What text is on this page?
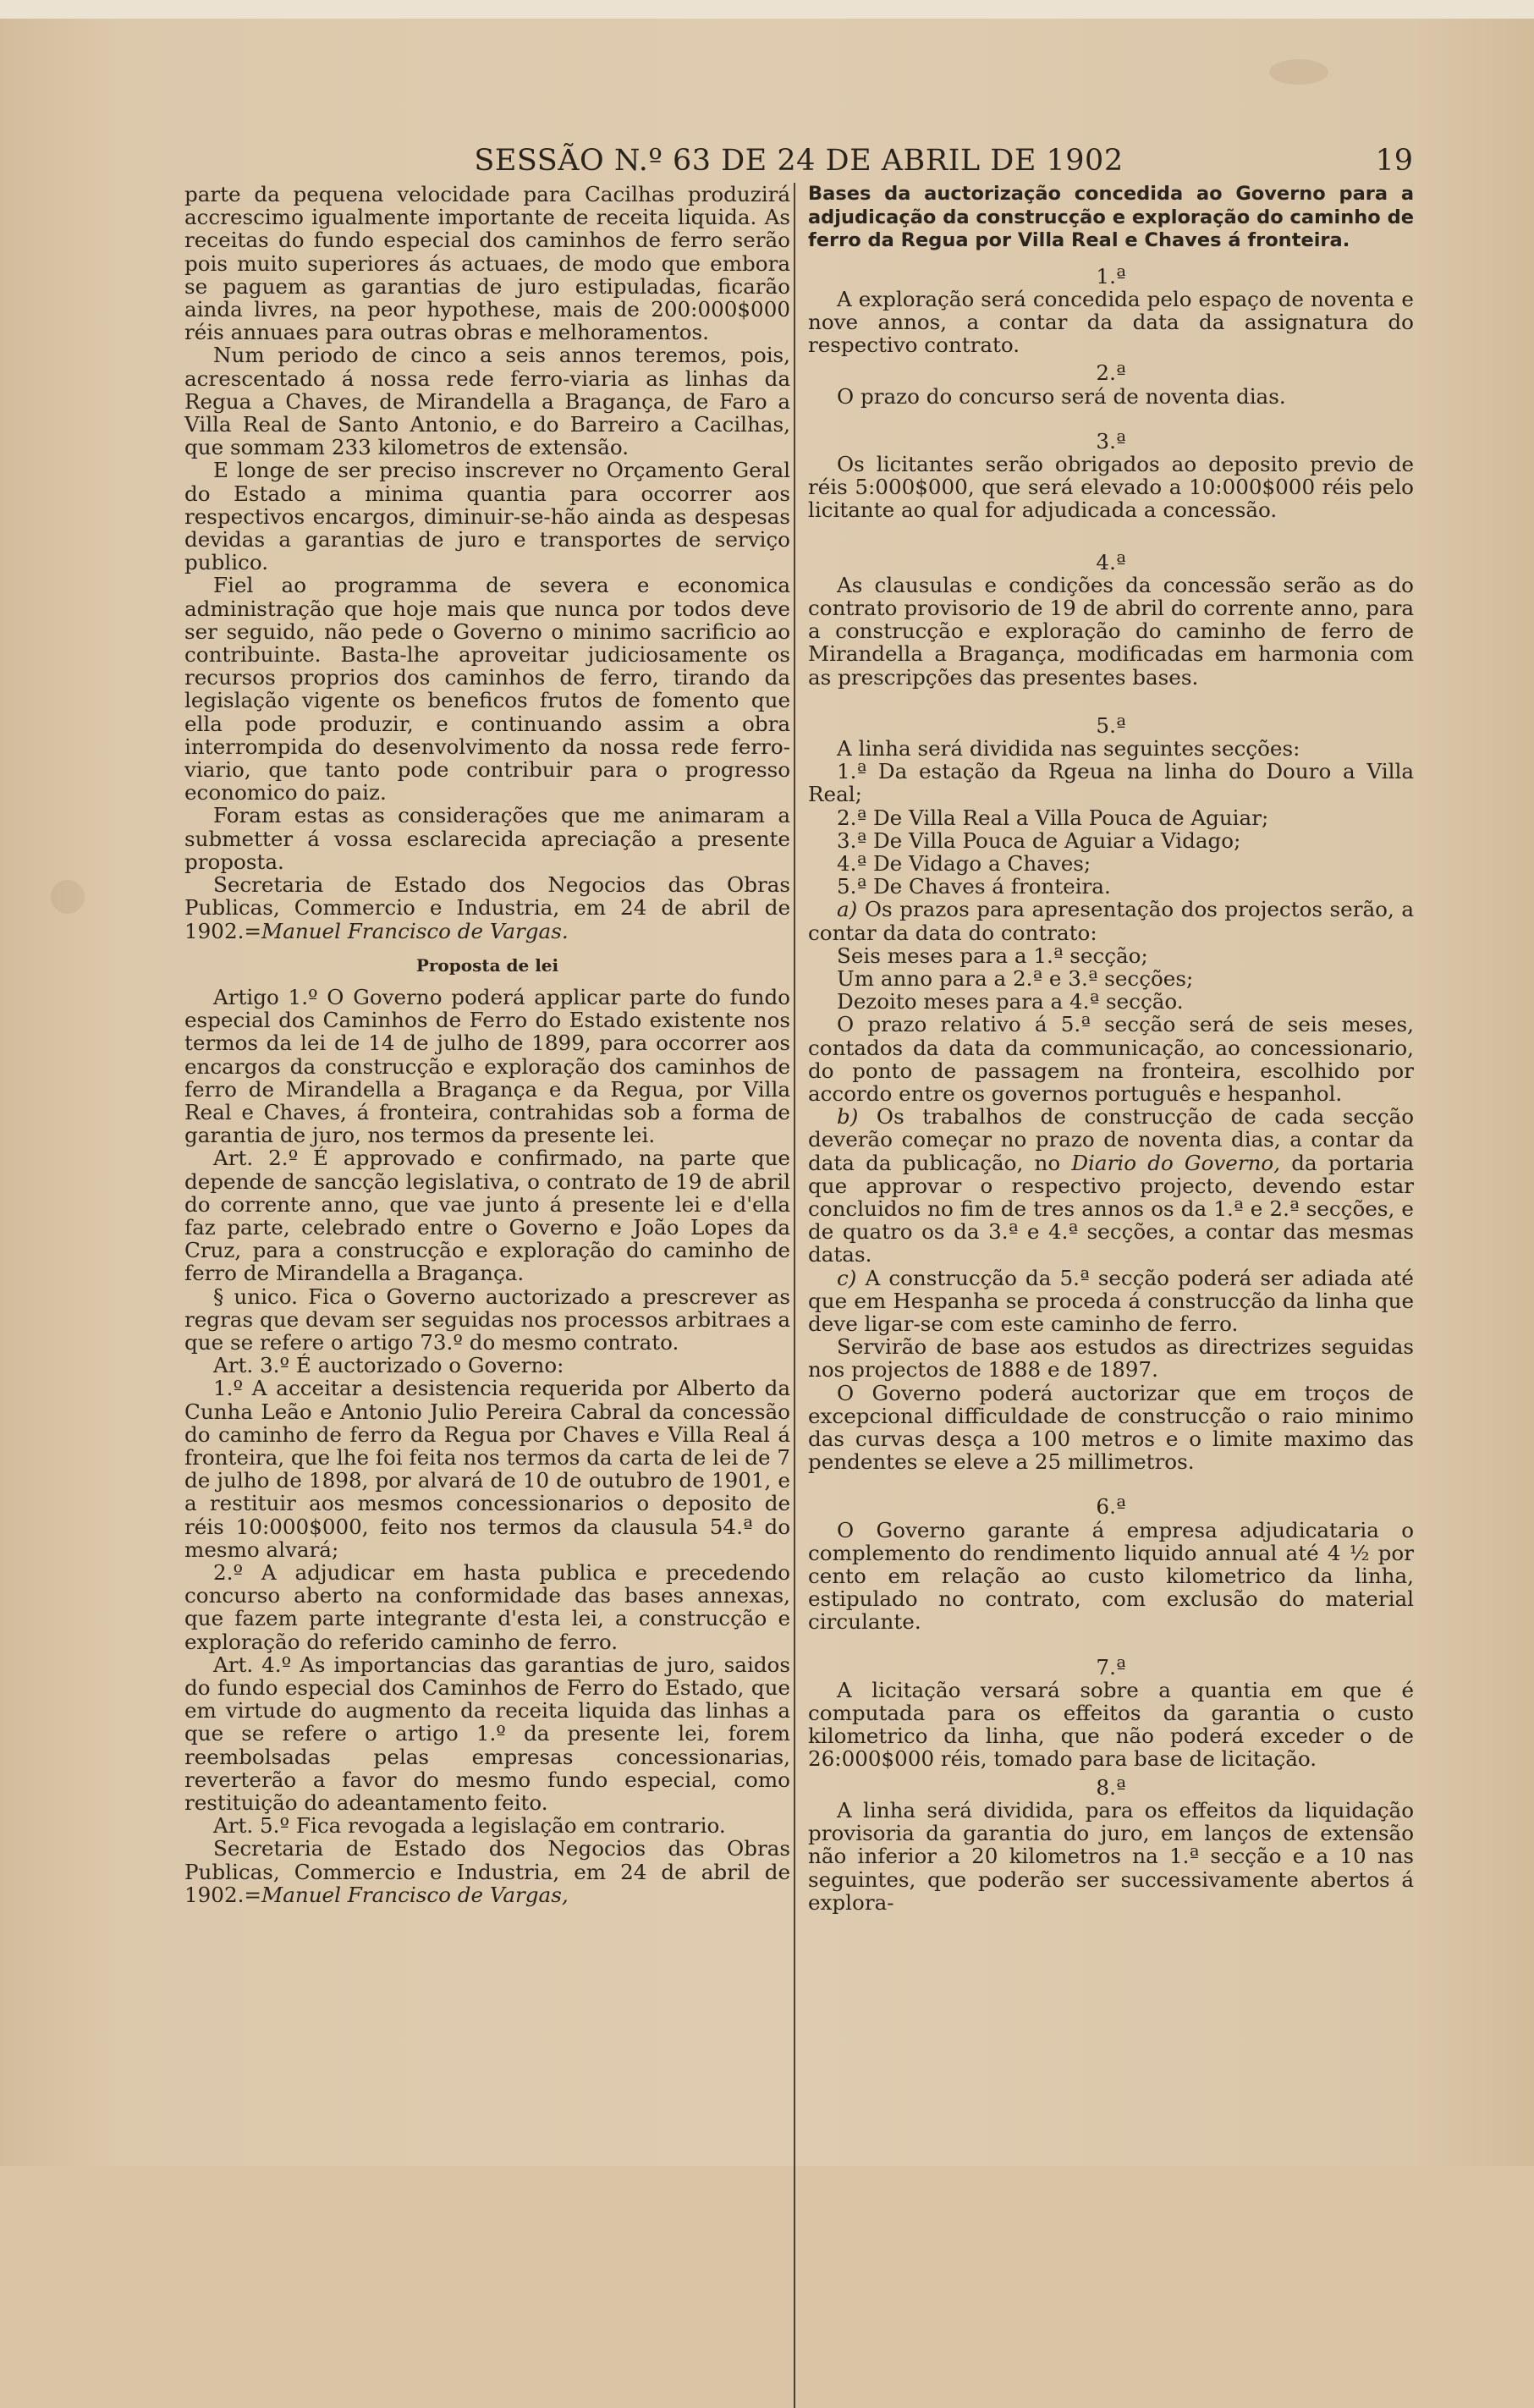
SESSÃO N.º 63 DE 24 DE ABRIL DE 1902	19

parte da pequena velocidade para Cacilhas produzirá accrescimo igualmente importante de receita liquida. As receitas do fundo especial dos caminhos de ferro serão pois muito superiores ás actuaes, de modo que embora se paguem as garantias de juro estipuladas, ficarão ainda livres, na peor hypothese, mais de 200:000$000 réis annuaes para outras obras e melhoramentos.

Num periodo de cinco a seis annos teremos, pois, acrescentado á nossa rede ferro-viaria as linhas da Regua a Chaves, de Mirandella a Bragança, de Faro a Villa Real de Santo Antonio, e do Barreiro a Cacilhas, que sommam 233 kilometros de extensão.

E longe de ser preciso inscrever no Orçamento Geral do Estado a minima quantia para occorrer aos respectivos encargos, diminuir-se-hão ainda as despesas devidas a garantias de juro e transportes de serviço publico.

Fiel ao programma de severa e economica administração que hoje mais que nunca por todos deve ser seguido, não pede o Governo o minimo sacrificio ao contribuinte. Basta-lhe aproveitar judiciosamente os recursos proprios dos caminhos de ferro, tirando da legislação vigente os beneficos frutos de fomento que ella pode produzir, e continuando assim a obra interrompida do desenvolvimento da nossa rede ferro-viario, que tanto pode contribuir para o progresso economico do paiz.

Foram estas as considerações que me animaram a submetter á vossa esclarecida apreciação a presente proposta.

Secretaria de Estado dos Negocios das Obras Publicas, Commercio e Industria, em 24 de abril de 1902.=Manuel Francisco de Vargas.

Proposta de lei

Artigo 1.º O Governo poderá applicar parte do fundo especial dos Caminhos de Ferro do Estado existente nos termos da lei de 14 de julho de 1899, para occorrer aos encargos da construcção e exploração dos caminhos de ferro de Mirandella a Bragança e da Regua, por Villa Real e Chaves, á fronteira, contrahidas sob a forma de garantia de juro, nos termos da presente lei.

Art. 2.º É approvado e confirmado, na parte que depende de sancção legislativa, o contrato de 19 de abril do corrente anno, que vae junto á presente lei e d'ella faz parte, celebrado entre o Governo e João Lopes da Cruz, para a construcção e exploração do caminho de ferro de Mirandella a Bragança.

§ unico. Fica o Governo auctorizado a prescrever as regras que devam ser seguidas nos processos arbitraes a que se refere o artigo 73.º do mesmo contrato.

Art. 3.º É auctorizado o Governo:

1.º A acceitar a desistencia requerida por Alberto da Cunha Leão e Antonio Julio Pereira Cabral da concessão do caminho de ferro da Regua por Chaves e Villa Real á fronteira, que lhe foi feita nos termos da carta de lei de 7 de julho de 1898, por alvará de 10 de outubro de 1901, e a restituir aos mesmos concessionarios o deposito de réis 10:000$000, feito nos termos da clausula 54.ª do mesmo alvará;

2.º A adjudicar em hasta publica e precedendo concurso aberto na conformidade das bases annexas, que fazem parte integrante d'esta lei, a construcção e exploração do referido caminho de ferro.

Art. 4.º As importancias das garantias de juro, saidos do fundo especial dos Caminhos de Ferro do Estado, que em virtude do augmento da receita liquida das linhas a que se refere o artigo 1.º da presente lei, forem reembolsadas pelas empresas concessionarias, reverterão a favor do mesmo fundo especial, como restituição do adeantamento feito.

Art. 5.º Fica revogada a legislação em contrario.

Secretaria de Estado dos Negocios das Obras Publicas, Commercio e Industria, em 24 de abril de 1902.=Manuel Francisco de Vargas,

Bases da auctorização concedida ao Governo para a adjudicação da construcção e exploração do caminho de ferro da Regua por Villa Real e Chaves á fronteira.
1.ª

A exploração será concedida pelo espaço de noventa e nove annos, a contar da data da assignatura do respectivo contrato.

2.ª

O prazo do concurso será de noventa dias.

3.ª

Os licitantes serão obrigados ao deposito previo de réis 5:000$000, que será elevado a 10:000$000 réis pelo licitante ao qual for adjudicada a concessão.

4.ª

As clausulas e condições da concessão serão as do contrato provisorio de 19 de abril do corrente anno, para a construcção e exploração do caminho de ferro de Mirandella a Bragança, modificadas em harmonia com as prescripções das presentes bases.

5.ª

A linha será dividida nas seguintes secções:

1.ª Da estação da Rgeua na linha do Douro a Villa Real;

2.ª De Villa Real a Villa Pouca de Aguiar;

3.ª De Villa Pouca de Aguiar a Vidago;

4.ª De Vidago a Chaves;

5.ª De Chaves á fronteira.

a) Os prazos para apresentação dos projectos serão, a contar da data do contrato:

Seis meses para a 1.ª secção;

Um anno para a 2.ª e 3.ª secções;

Dezoito meses para a 4.ª secção.

O prazo relativo á 5.ª secção será de seis meses, contados da data da communicação, ao concessionario, do ponto de passagem na fronteira, escolhido por accordo entre os governos português e hespanhol.

b) Os trabalhos de construcção de cada secção deverão começar no prazo de noventa dias, a contar da data da publicação, no Diario do Governo, da portaria que approvar o respectivo projecto, devendo estar concluidos no fim de tres annos os da 1.ª e 2.ª secções, e de quatro os da 3.ª e 4.ª secções, a contar das mesmas datas.

c) A construcção da 5.ª secção poderá ser adiada até que em Hespanha se proceda á construcção da linha que deve ligar-se com este caminho de ferro.

Servirão de base aos estudos as directrizes seguidas nos projectos de 1888 e de 1897.

O Governo poderá auctorizar que em troços de excepcional difficuldade de construcção o raio minimo das curvas desça a 100 metros e o limite maximo das pendentes se eleve a 25 millimetros.

6.ª

O Governo garante á empresa adjudicataria o complemento do rendimento liquido annual até 4 ½ por cento em relação ao custo kilometrico da linha, estipulado no contrato, com exclusão do material circulante.

7.ª

A licitação versará sobre a quantia em que é computada para os effeitos da garantia o custo kilometrico da linha, que não poderá exceder o de 26:000$000 réis, tomado para base de licitação.

8.ª

A linha será dividida, para os effeitos da liquidação provisoria da garantia do juro, em lanços de extensão não inferior a 20 kilometros na 1.ª secção e a 10 nas seguintes, que poderão ser successivamente abertos á explora-
